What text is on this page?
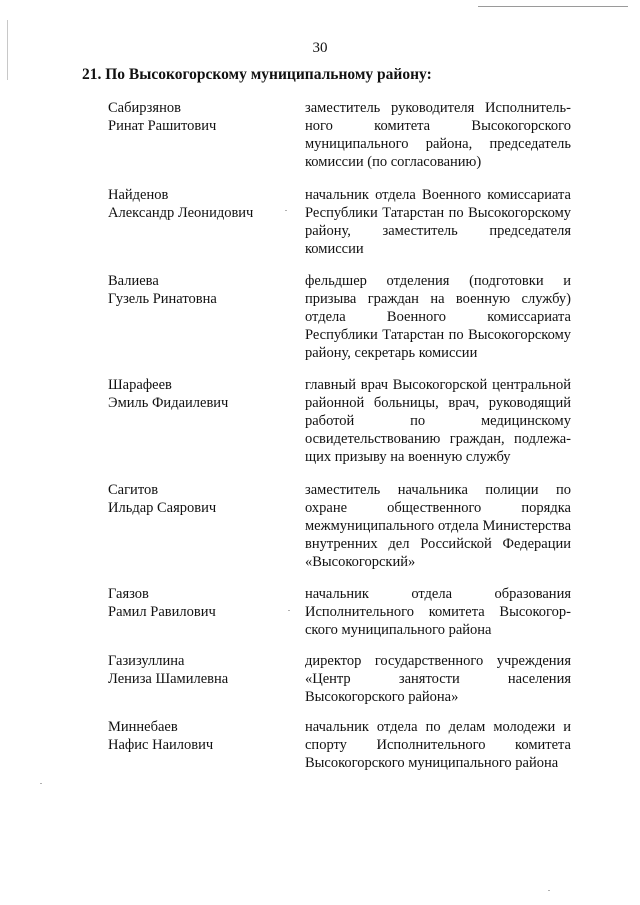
30
21. По Высокогорскому муниципальному району:
Сабирзянов
Ринат Рашитович
заместитель руководителя Исполнительного комитета Высокогорского муниципального района, председатель комиссии (по согласованию)
Найденов
Александр Леонидович
начальник отдела Военного комиссариата Республики Татарстан по Высокогорскому району, заместитель председателя комиссии
Валиева
Гузель Ринатовна
фельдшер отделения (подготовки и призыва граждан на военную службу) отдела Военного комиссариата Республики Татарстан по Высокогорскому району, секретарь комиссии
Шарафеев
Эмиль Фидаилевич
главный врач Высокогорской центральной районной больницы, врач, руководящий работой по медицинскому освидетельствованию граждан, подлежащих призыву на военную службу
Сагитов
Ильдар Саярович
заместитель начальника полиции по охране общественного порядка межмуниципального отдела Министерства внутренних дел Российской Федерации «Высокогорский»
Гаязов
Рамил Равилович
начальник отдела образования Исполнительного комитета Высокогорского муниципального района
Газизуллина
Лениза Шамилевна
директор государственного учреждения «Центр занятости населения Высокогорского района»
Миннебаев
Нафис Наилович
начальник отдела по делам молодежи и спорту Исполнительного комитета Высокогорского муниципального района
